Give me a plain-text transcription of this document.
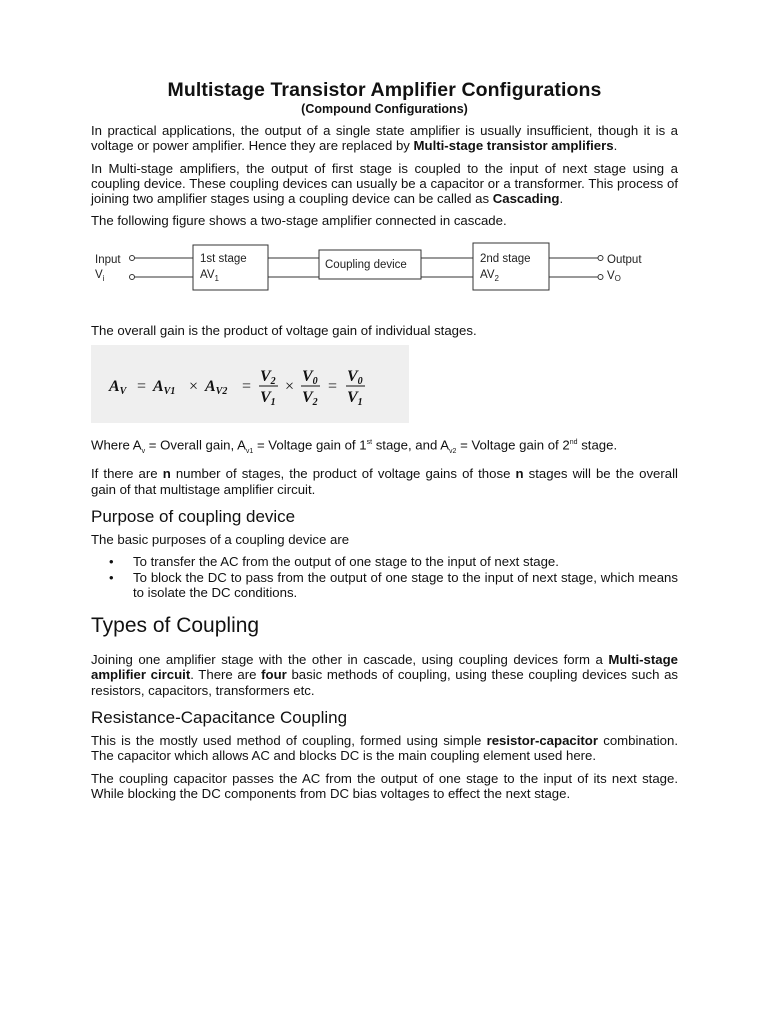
Multistage Transistor Amplifier Configurations
(Compound Configurations)

In practical applications, the output of a single state amplifier is usually insufficient, though it is a voltage or power amplifier. Hence they are replaced by Multi-stage transistor amplifiers.

In Multi-stage amplifiers, the output of first stage is coupled to the input of next stage using a coupling device. These coupling devices can usually be a capacitor or a transformer. This process of joining two amplifier stages using a coupling device can be called as Cascading.

The following figure shows a two-stage amplifier connected in cascade.

Input
$V_i$
1st stage
$AV_1$
Coupling device	2nd stage
$AV_2$
Output
VO

The overall gain is the product of voltage gain of individual stages.

AV = AV1 × AV2 =
V2
V1
×
V0
V2
=
V0
V1

Where $A_v$ = Overall gain, $A_{v1}$ = Voltage gain of 1st stage, and $A_{v2}$ = Voltage gain of 2nd stage.

If there are n number of stages, the product of voltage gains of those n stages will be the overall gain of that multistage amplifier circuit.

Purpose of coupling device

The basic purposes of a coupling device are

• To transfer the AC from the output of one stage to the input of next stage.
• To block the DC to pass from the output of one stage to the input of next stage, which means to isolate the DC conditions.
Types of Coupling

Joining one amplifier stage with the other in cascade, using coupling devices form a Multi-stage amplifier circuit. There are four basic methods of coupling, using these coupling devices such as resistors, capacitors, transformers etc.

Resistance-Capacitance Coupling

This is the mostly used method of coupling, formed using simple resistor-capacitor combination. The capacitor which allows AC and blocks DC is the main coupling element used here.

The coupling capacitor passes the AC from the output of one stage to the input of its next stage. While blocking the DC components from DC bias voltages to effect the next stage.
